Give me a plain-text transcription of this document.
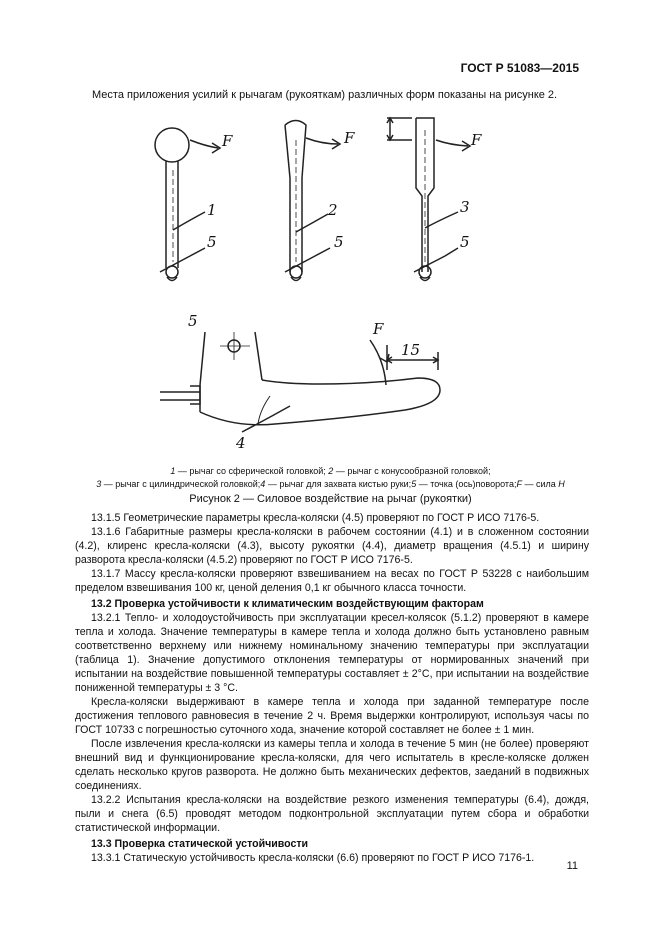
ГОСТ Р 51083—2015
Места приложения усилий к рычагам (рукояткам) различных форм показаны на рисунке 2.
F	F	F
F
1
5
2
5
3
5
5
4
15
1 — рычаг со сферической головкой; 2 — рычаг с конусообразной головкой;
3 — рычаг с цилиндрической головкой;4 — рычаг для захвата кистью руки;5 — точка (ось)поворота;F — сила H
Рисунок 2 — Силовое воздействие на рычаг (рукоятки)

13.1.5 Геометрические параметры кресла-коляски (4.5) проверяют по ГОСТ Р ИСО 7176-5.

13.1.6 Габаритные размеры кресла-коляски в рабочем состоянии (4.1) и в сложенном состоянии (4.2), клиренс кресла-коляски (4.3), высоту рукоятки (4.4), диаметр вращения (4.5.1) и ширину разворота кресла-коляски (4.5.2) проверяют по ГОСТ Р ИСО 7176-5.

13.1.7 Массу кресла-коляски проверяют взвешиванием на весах по ГОСТ Р 53228 с наибольшим пределом взвешивания 100 кг, ценой деления 0,1 кг обычного класса точности.

13.2 Проверка устойчивости к климатическим воздействующим факторам

13.2.1 Тепло- и холодоустойчивость при эксплуатации кресел-колясок (5.1.2) проверяют в камере тепла и холода. Значение температуры в камере тепла и холода должно быть установлено равным соответственно верхнему или нижнему номинальному значению температуры при эксплуатации (таблица 1). Значение допустимого отклонения температуры от нормированных значений при испытании на воздействие повышенной температуры составляет ± 2°С, при испытании на воздействие пониженной температуры ± 3 °С.

Кресла-коляски выдерживают в камере тепла и холода при заданной температуре после достижения теплового равновесия в течение 2 ч. Время выдержки контролируют, используя часы по ГОСТ 10733 с погрешностью суточного хода, значение которой составляет не более ± 1 мин.

После извлечения кресла-коляски из камеры тепла и холода в течение 5 мин (не более) проверяют внешний вид и функционирование кресла-коляски, для чего испытатель в кресле-коляске должен сделать несколько кругов разворота. Не должно быть механических дефектов, заеданий в подвижных соединениях.

13.2.2 Испытания кресла-коляски на воздействие резкого изменения температуры (6.4), дождя, пыли и снега (6.5) проводят методом подконтрольной эксплуатации путем сбора и обработки статистической информации.

13.3 Проверка статической устойчивости

13.3.1 Статическую устойчивость кресла-коляски (6.6) проверяют по ГОСТ Р ИСО 7176-1.

11
